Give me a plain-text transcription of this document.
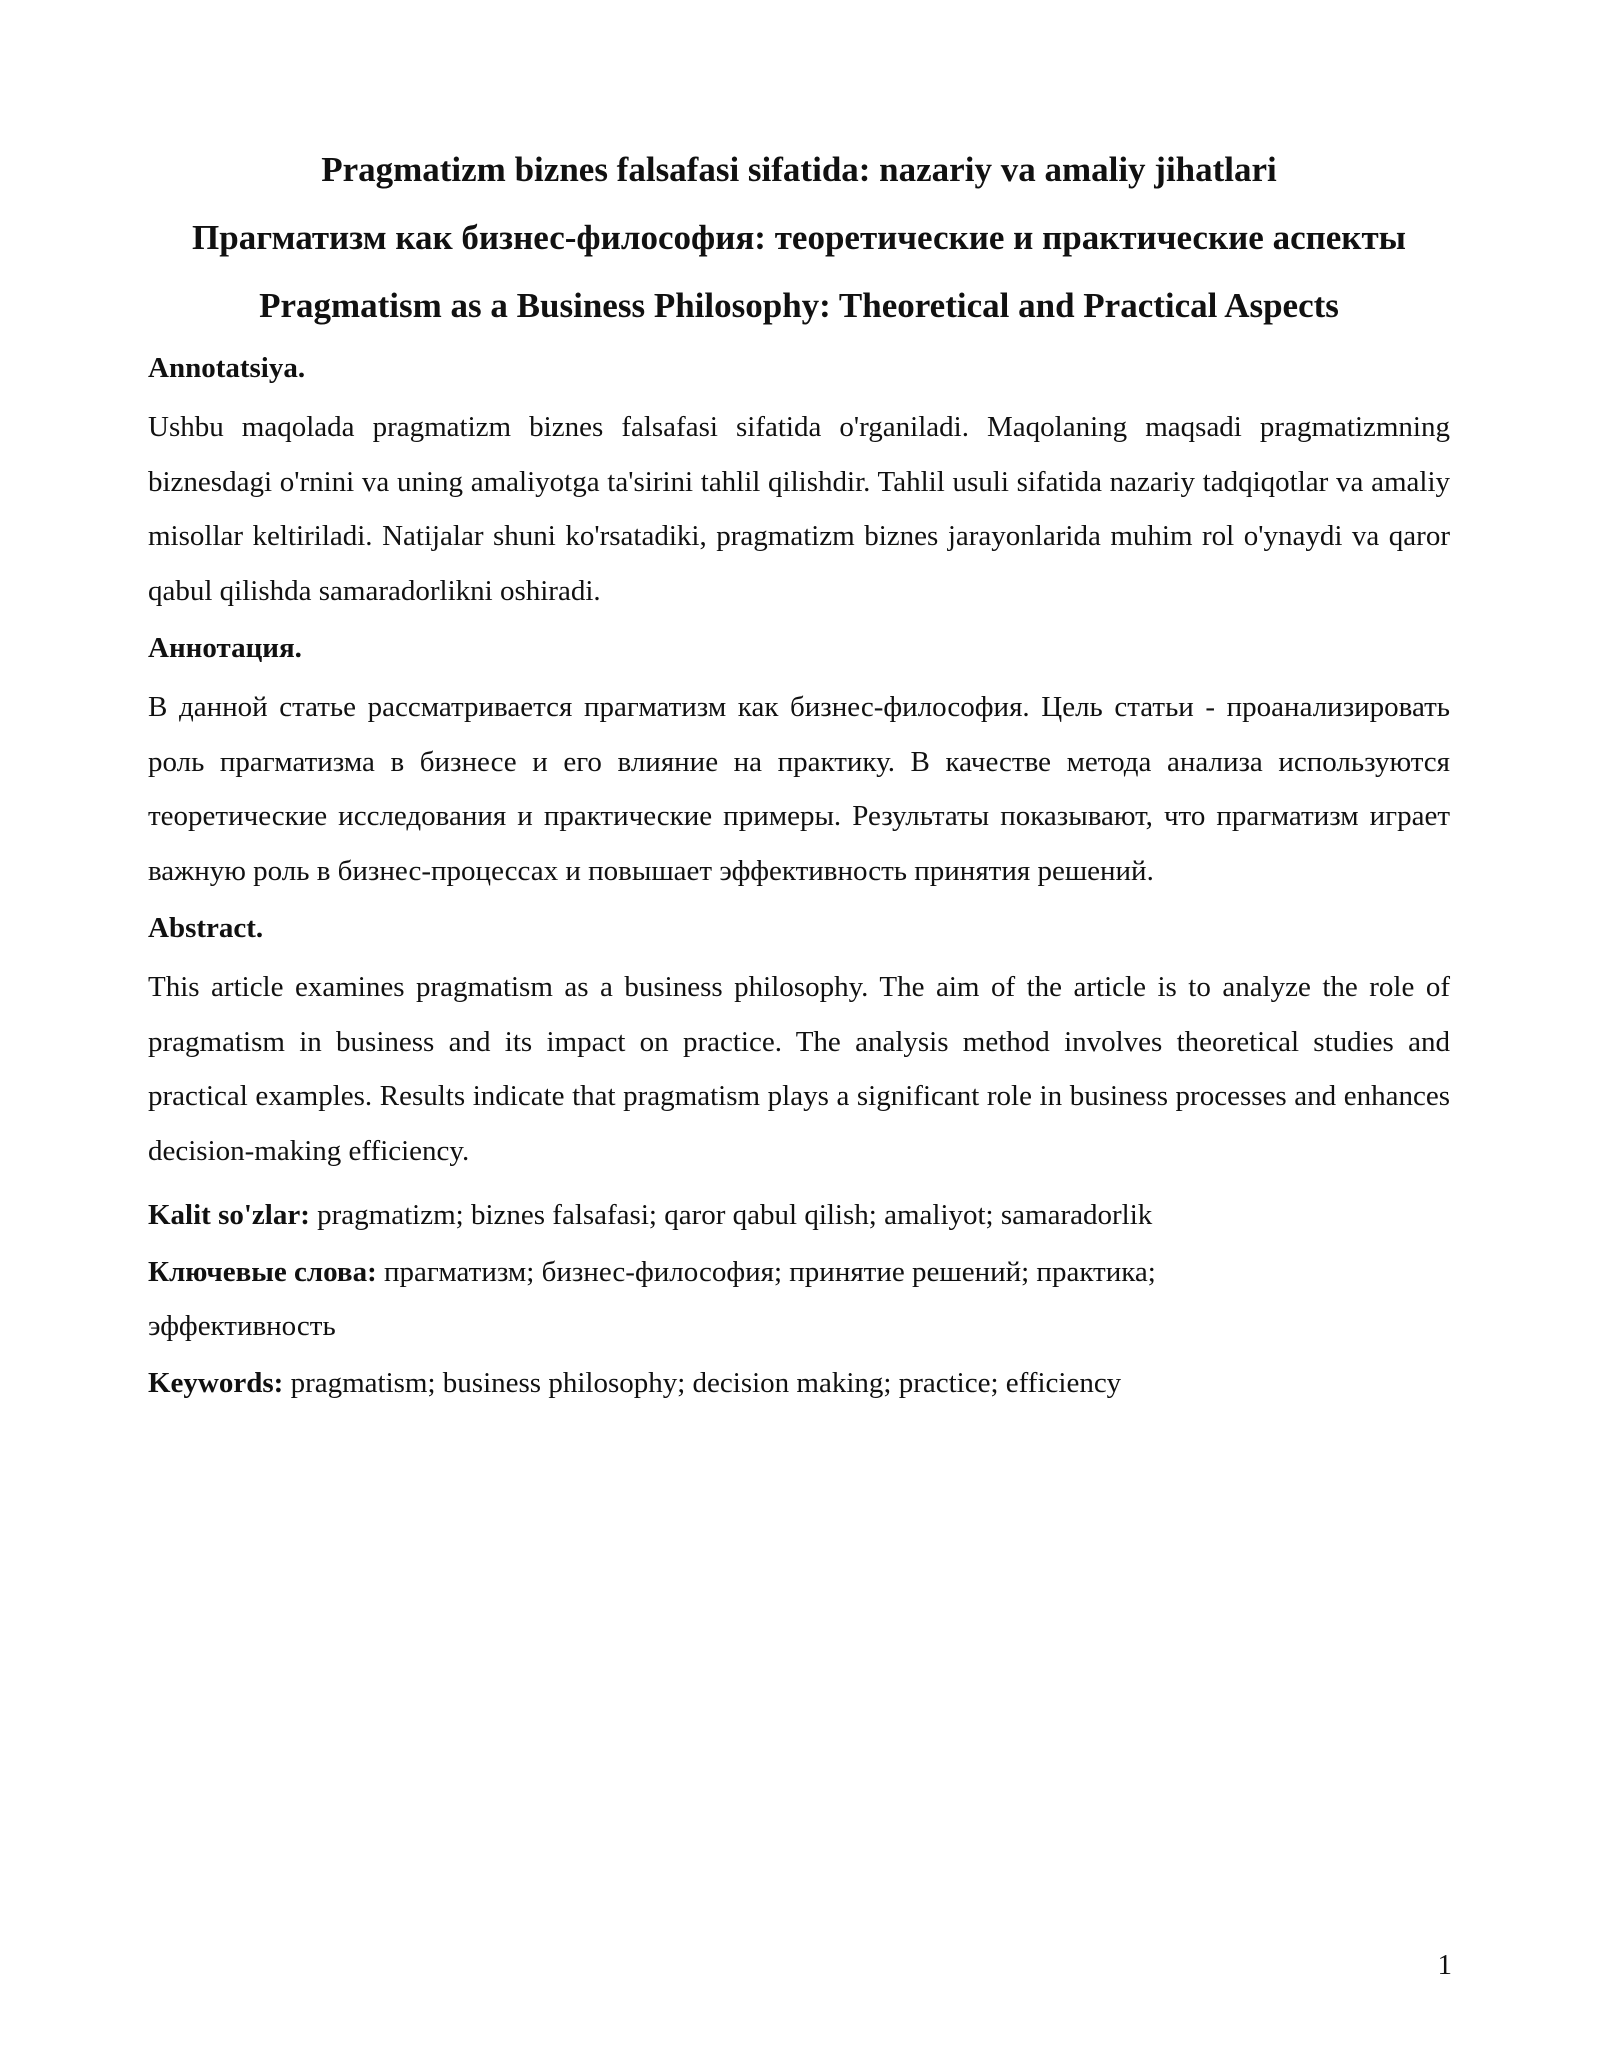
Pragmatizm biznes falsafasi sifatida: nazariy va amaliy jihatlari

Прагматизм как бизнес-философия: теоретические и практические аспекты

Pragmatism as a Business Philosophy: Theoretical and Practical Aspects

Annotatsiya.

Ushbu maqolada pragmatizm biznes falsafasi sifatida o'rganiladi. Maqolaning maqsadi pragmatizmning biznesdagi o'rnini va uning amaliyotga ta'sirini tahlil qilishdir. Tahlil usuli sifatida nazariy tadqiqotlar va amaliy misollar keltiriladi. Natijalar shuni ko'rsatadiki, pragmatizm biznes jarayonlarida muhim rol o'ynaydi va qaror qabul qilishda samaradorlikni oshiradi.

Аннотация.

В данной статье рассматривается прагматизм как бизнес-философия. Цель статьи - проанализировать роль прагматизма в бизнесе и его влияние на практику. В качестве метода анализа используются теоретические исследования и практические примеры. Результаты показывают, что прагматизм играет важную роль в бизнес-процессах и повышает эффективность принятия решений.

Abstract.

This article examines pragmatism as a business philosophy. The aim of the article is to analyze the role of pragmatism in business and its impact on practice. The analysis method involves theoretical studies and practical examples. Results indicate that pragmatism plays a significant role in business processes and enhances decision-making efficiency.

Kalit so'zlar: pragmatizm; biznes falsafasi; qaror qabul qilish; amaliyot; samaradorlik

Ключевые слова: прагматизм; бизнес-философия; принятие решений; практика;
эффективность

Keywords: pragmatism; business philosophy; decision making; practice; efficiency

1
